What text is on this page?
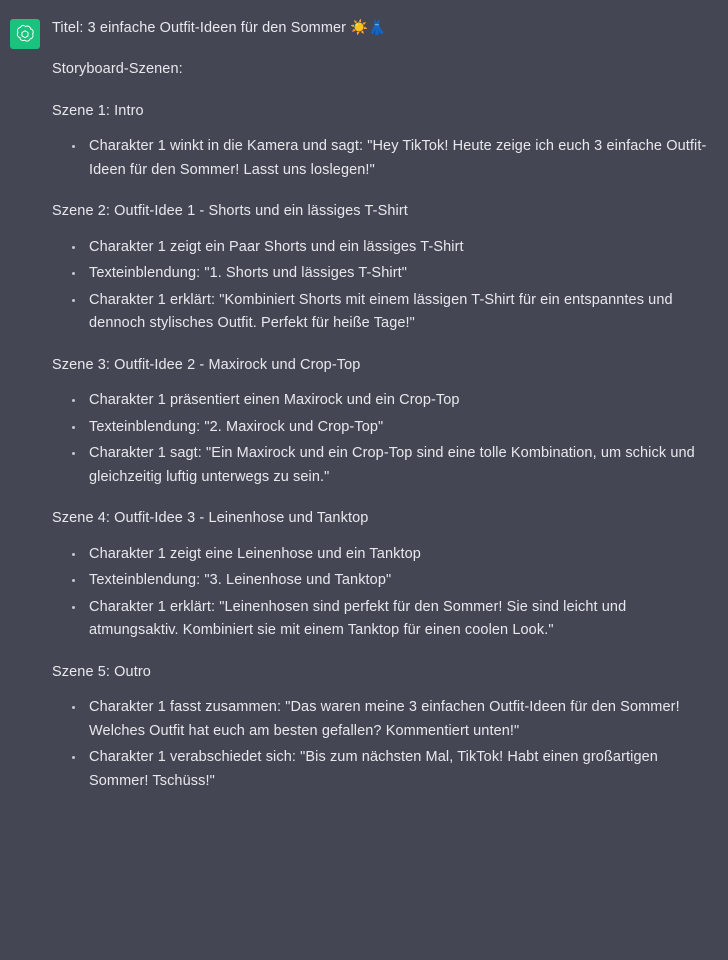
Titel: 3 einfache Outfit-Ideen für den Sommer ☀️👗

Storyboard-Szenen:

Szene 1: Intro

Charakter 1 winkt in die Kamera und sagt: "Hey TikTok! Heute zeige ich euch 3 einfache Outfit-Ideen für den Sommer! Lasst uns loslegen!"

Szene 2: Outfit-Idee 1 - Shorts und ein lässiges T-Shirt

Charakter 1 zeigt ein Paar Shorts und ein lässiges T-Shirt
Texteinblendung: "1. Shorts und lässiges T-Shirt"
Charakter 1 erklärt: "Kombiniert Shorts mit einem lässigen T-Shirt für ein entspanntes und dennoch stylisches Outfit. Perfekt für heiße Tage!"

Szene 3: Outfit-Idee 2 - Maxirock und Crop-Top

Charakter 1 präsentiert einen Maxirock und ein Crop-Top
Texteinblendung: "2. Maxirock und Crop-Top"
Charakter 1 sagt: "Ein Maxirock und ein Crop-Top sind eine tolle Kombination, um schick und gleichzeitig luftig unterwegs zu sein."

Szene 4: Outfit-Idee 3 - Leinenhose und Tanktop

Charakter 1 zeigt eine Leinenhose und ein Tanktop
Texteinblendung: "3. Leinenhose und Tanktop"
Charakter 1 erklärt: "Leinenhosen sind perfekt für den Sommer! Sie sind leicht und atmungsaktiv. Kombiniert sie mit einem Tanktop für einen coolen Look."

Szene 5: Outro

Charakter 1 fasst zusammen: "Das waren meine 3 einfachen Outfit-Ideen für den Sommer! Welches Outfit hat euch am besten gefallen? Kommentiert unten!"
Charakter 1 verabschiedet sich: "Bis zum nächsten Mal, TikTok! Habt einen großartigen Sommer! Tschüss!"
